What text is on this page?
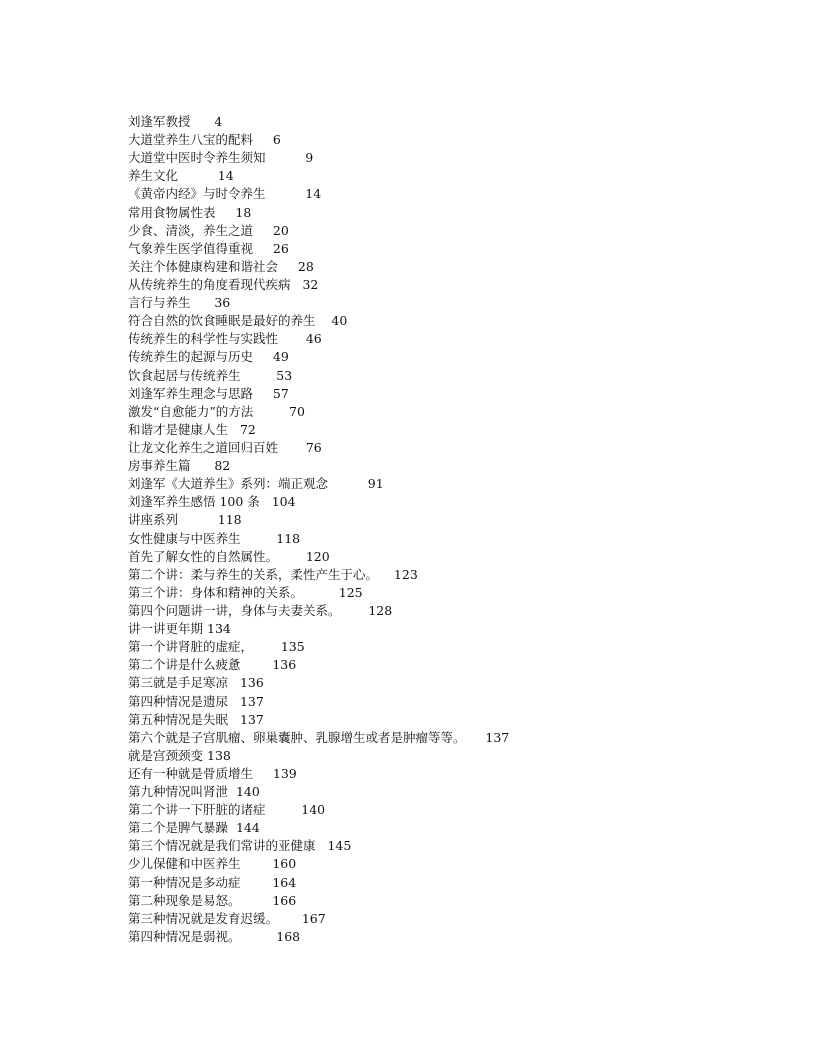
刘逢军教授 4
大道堂养生八宝的配料 6
大道堂中医时令养生须知	9
养生文化	14
《黄帝内经》与时令养生	14
常用食物属性表 18
少食、清淡，养生之道 20
气象养生医学值得重视 26
关注个体健康构建和谐社会 28
从传统养生的角度看现代疾病 32
言行与养生 36
符合自然的饮食睡眠是最好的养生 40
传统养生的科学性与实践性 46
传统养生的起源与历史 49
饮食起居与传统养生	53
刘逢军养生理念与思路 57
激发“自愈能力”的方法	70
和谐才是健康人生 72
让龙文化养生之道回归百姓 76
房事养生篇 82
刘逢军《大道养生》系列：端正观念	91
刘逢军养生感悟 100 条 104
讲座系列	118
女性健康与中医养生	118
首先了解女性的自然属性。 120
第二个讲：柔与养生的关系，柔性产生于心。 123
第三个讲：身体和精神的关系。	125
第四个问题讲一讲，身体与夫妻关系。 128
讲一讲更年期 134
第一个讲肾脏的虚症， 135
第二个讲是什么疲惫	136
第三就是手足寒凉 136
第四种情况是遗尿 137
第五种情况是失眠 137
第六个就是子宫肌瘤、卵巢囊肿、乳腺增生或者是肿瘤等等。 137
就是宫颈颈变 138
还有一种就是骨质增生 139
第九种情况叫肾泄 140
第二个讲一下肝脏的诸症	140
第二个是脾气暴躁 144
第三个情况就是我们常讲的亚健康 145
少儿保健和中医养生	160
第一种情况是多动症	164
第二种现象是易怒。	166
第三种情况就是发育迟缓。 167
第四种情况是弱视。	168
